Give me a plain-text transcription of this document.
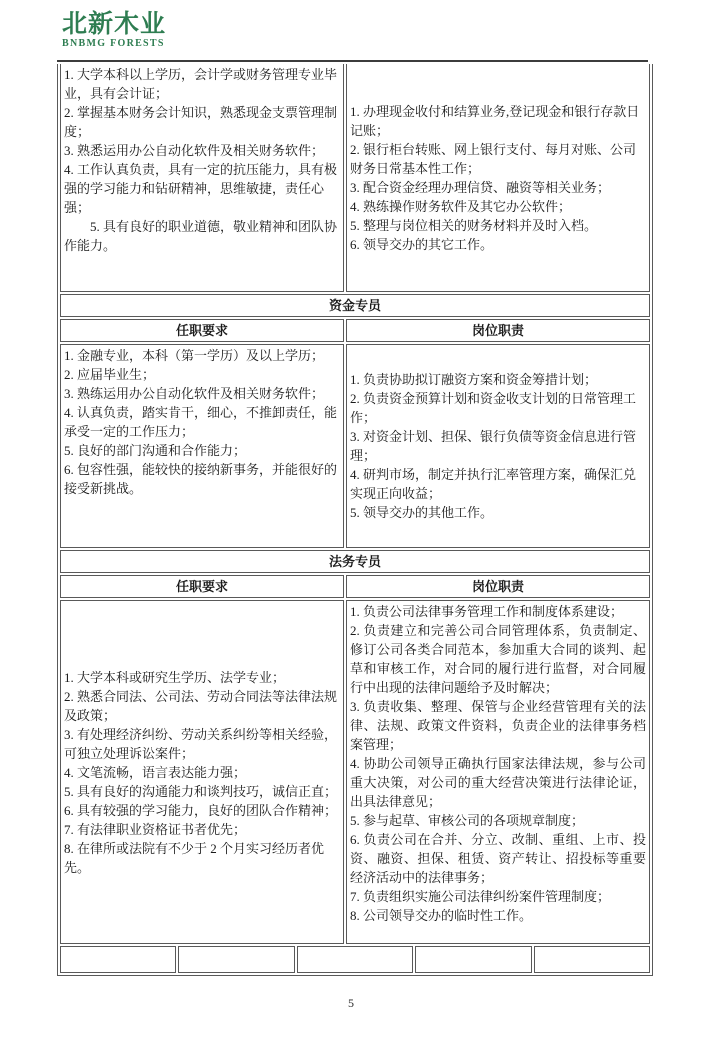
北新木业
BNBMG FORESTS
1. 大学本科以上学历，会计学或财务管理专业毕业，具有会计证；
2. 掌握基本财务会计知识，熟悉现金支票管理制度；
3. 熟悉运用办公自动化软件及相关财务软件；
4. 工作认真负责，具有一定的抗压能力，具有极强的学习能力和钻研精神，思维敏捷，责任心强；
　　5. 具有良好的职业道德，敬业精神和团队协作能力。
1. 办理现金收付和结算业务,登记现金和银行存款日记账；
2. 银行柜台转账、网上银行支付、每月对账、公司财务日常基本性工作；
3. 配合资金经理办理信贷、融资等相关业务；
4. 熟练操作财务软件及其它办公软件；
5. 整理与岗位相关的财务材料并及时入档。
6. 领导交办的其它工作。
资金专员
任职要求	岗位职责
1. 金融专业，本科（第一学历）及以上学历；
2. 应届毕业生；
3. 熟练运用办公自动化软件及相关财务软件；
4. 认真负责，踏实肯干，细心，不推卸责任，能承受一定的工作压力；
5. 良好的部门沟通和合作能力；
6. 包容性强，能较快的接纳新事务，并能很好的接受新挑战。
1. 负责协助拟订融资方案和资金筹措计划；
2. 负责资金预算计划和资金收支计划的日常管理工作；
3. 对资金计划、担保、银行负债等资金信息进行管理；
4. 研判市场，制定并执行汇率管理方案，确保汇兑实现正向收益；
5. 领导交办的其他工作。
法务专员
任职要求	岗位职责
1. 大学本科或研究生学历、法学专业；
2. 熟悉合同法、公司法、劳动合同法等法律法规及政策；
3. 有处理经济纠纷、劳动关系纠纷等相关经验，可独立处理诉讼案件；
4. 文笔流畅，语言表达能力强；
5. 具有良好的沟通能力和谈判技巧，诚信正直；
6. 具有较强的学习能力，良好的团队合作精神；
7. 有法律职业资格证书者优先；
8. 在律所或法院有不少于 2 个月实习经历者优先。
1. 负责公司法律事务管理工作和制度体系建设；
2. 负责建立和完善公司合同管理体系，负责制定、修订公司各类合同范本，参加重大合同的谈判、起草和审核工作，对合同的履行进行监督，对合同履行中出现的法律问题给予及时解决；
3. 负责收集、整理、保管与企业经营管理有关的法律、法规、政策文件资料，负责企业的法律事务档案管理；
4. 协助公司领导正确执行国家法律法规，参与公司重大决策，对公司的重大经营决策进行法律论证，出具法律意见；
5. 参与起草、审核公司的各项规章制度；
6. 负责公司在合并、分立、改制、重组、上市、投资、融资、担保、租赁、资产转让、招投标等重要经济活动中的法律事务；
7. 负责组织实施公司法律纠纷案件管理制度；
8. 公司领导交办的临时性工作。
5
